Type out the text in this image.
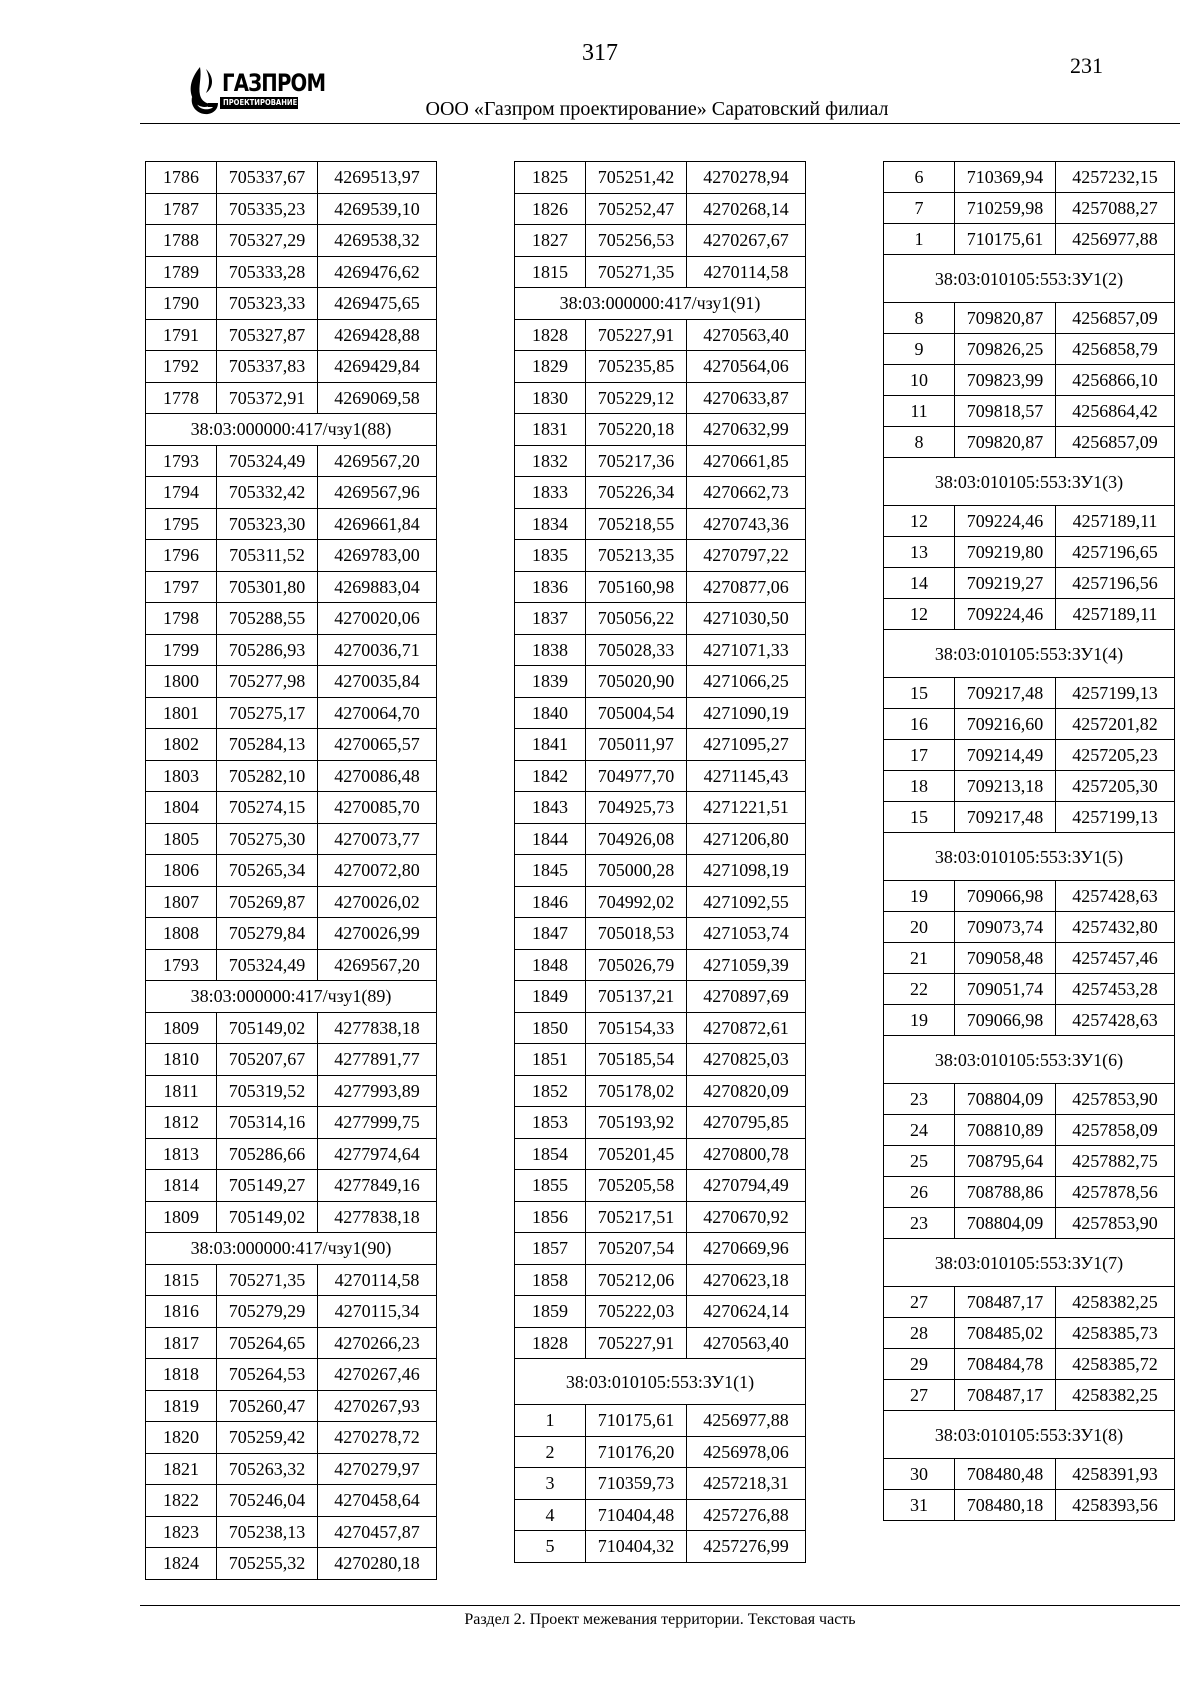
317	231
ГАЗПРОМ
ПРОЕКТИРОВАНИЕ	ООО «Газпром проектирование» Саратовский филиал
1786	705337,67	4269513,97
1787	705335,23	4269539,10
1788	705327,29	4269538,32
1789	705333,28	4269476,62
1790	705323,33	4269475,65
1791	705327,87	4269428,88
1792	705337,83	4269429,84
1778	705372,91	4269069,58
38:03:000000:417/чзу1(88)		
1793	705324,49	4269567,20
1794	705332,42	4269567,96
1795	705323,30	4269661,84
1796	705311,52	4269783,00
1797	705301,80	4269883,04
1798	705288,55	4270020,06
1799	705286,93	4270036,71
1800	705277,98	4270035,84
1801	705275,17	4270064,70
1802	705284,13	4270065,57
1803	705282,10	4270086,48
1804	705274,15	4270085,70
1805	705275,30	4270073,77
1806	705265,34	4270072,80
1807	705269,87	4270026,02
1808	705279,84	4270026,99
1793	705324,49	4269567,20
38:03:000000:417/чзу1(89)		
1809	705149,02	4277838,18
1810	705207,67	4277891,77
1811	705319,52	4277993,89
1812	705314,16	4277999,75
1813	705286,66	4277974,64
1814	705149,27	4277849,16
1809	705149,02	4277838,18
38:03:000000:417/чзу1(90)		
1815	705271,35	4270114,58
1816	705279,29	4270115,34
1817	705264,65	4270266,23
1818	705264,53	4270267,46
1819	705260,47	4270267,93
1820	705259,42	4270278,72
1821	705263,32	4270279,97
1822	705246,04	4270458,64
1823	705238,13	4270457,87
1824	705255,32	4270280,18
1825	705251,42	4270278,94
1826	705252,47	4270268,14
1827	705256,53	4270267,67
1815	705271,35	4270114,58
38:03:000000:417/чзу1(91)		
1828	705227,91	4270563,40
1829	705235,85	4270564,06
1830	705229,12	4270633,87
1831	705220,18	4270632,99
1832	705217,36	4270661,85
1833	705226,34	4270662,73
1834	705218,55	4270743,36
1835	705213,35	4270797,22
1836	705160,98	4270877,06
1837	705056,22	4271030,50
1838	705028,33	4271071,33
1839	705020,90	4271066,25
1840	705004,54	4271090,19
1841	705011,97	4271095,27
1842	704977,70	4271145,43
1843	704925,73	4271221,51
1844	704926,08	4271206,80
1845	705000,28	4271098,19
1846	704992,02	4271092,55
1847	705018,53	4271053,74
1848	705026,79	4271059,39
1849	705137,21	4270897,69
1850	705154,33	4270872,61
1851	705185,54	4270825,03
1852	705178,02	4270820,09
1853	705193,92	4270795,85
1854	705201,45	4270800,78
1855	705205,58	4270794,49
1856	705217,51	4270670,92
1857	705207,54	4270669,96
1858	705212,06	4270623,18
1859	705222,03	4270624,14
1828	705227,91	4270563,40
38:03:010105:553:ЗУ1(1)		
1	710175,61	4256977,88
2	710176,20	4256978,06
3	710359,73	4257218,31
4	710404,48	4257276,88
5	710404,32	4257276,99
6	710369,94	4257232,15
7	710259,98	4257088,27
1	710175,61	4256977,88
38:03:010105:553:ЗУ1(2)		
8	709820,87	4256857,09
9	709826,25	4256858,79
10	709823,99	4256866,10
11	709818,57	4256864,42
8	709820,87	4256857,09
38:03:010105:553:ЗУ1(3)		
12	709224,46	4257189,11
13	709219,80	4257196,65
14	709219,27	4257196,56
12	709224,46	4257189,11
38:03:010105:553:ЗУ1(4)		
15	709217,48	4257199,13
16	709216,60	4257201,82
17	709214,49	4257205,23
18	709213,18	4257205,30
15	709217,48	4257199,13
38:03:010105:553:ЗУ1(5)		
19	709066,98	4257428,63
20	709073,74	4257432,80
21	709058,48	4257457,46
22	709051,74	4257453,28
19	709066,98	4257428,63
38:03:010105:553:ЗУ1(6)		
23	708804,09	4257853,90
24	708810,89	4257858,09
25	708795,64	4257882,75
26	708788,86	4257878,56
23	708804,09	4257853,90
38:03:010105:553:ЗУ1(7)		
27	708487,17	4258382,25
28	708485,02	4258385,73
29	708484,78	4258385,72
27	708487,17	4258382,25
38:03:010105:553:ЗУ1(8)		
30	708480,48	4258391,93
31	708480,18	4258393,56
Раздел 2. Проект межевания территории. Текстовая часть
